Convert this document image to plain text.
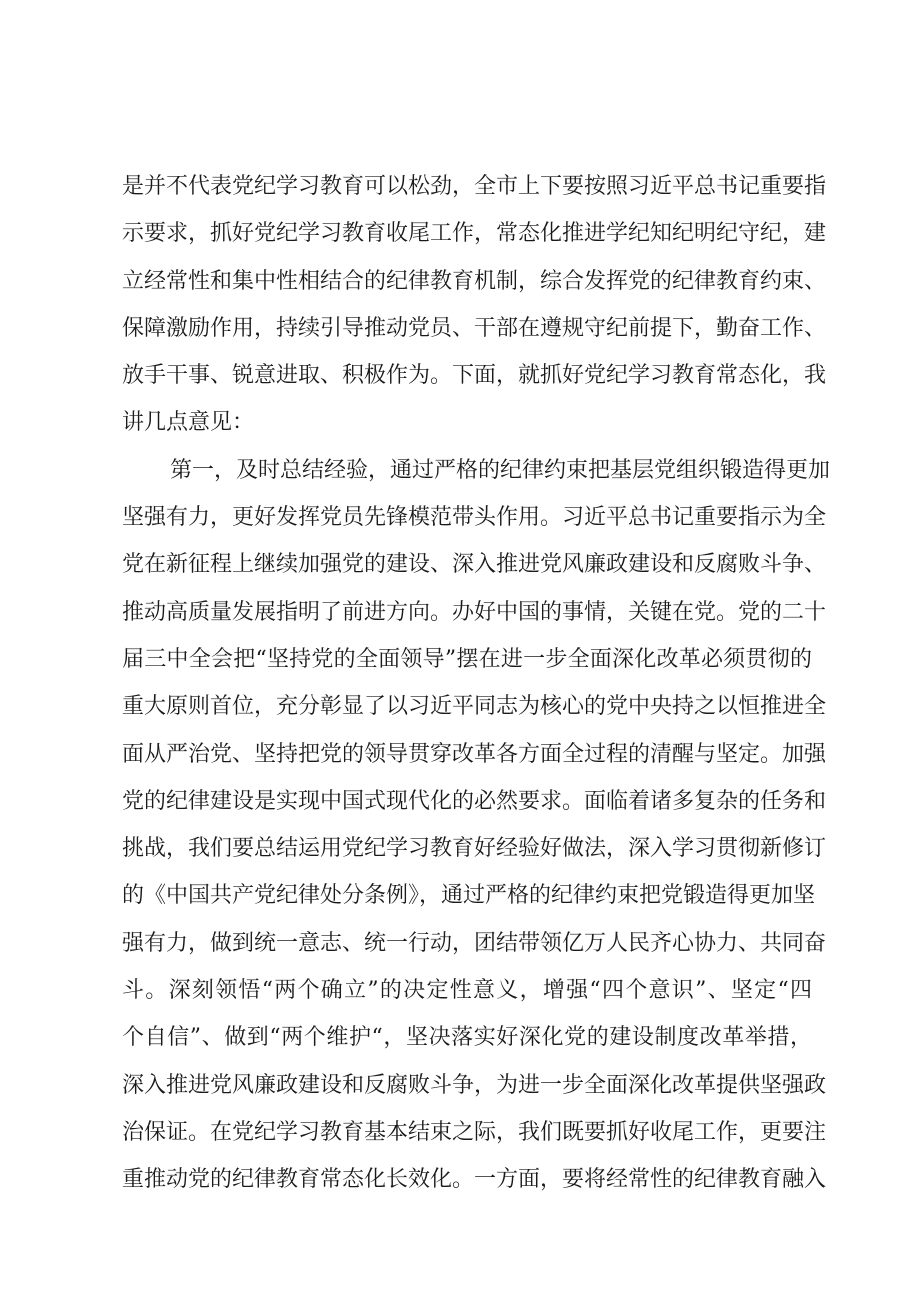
是并不代表党纪学习教育可以松劲，全市上下要按照习近平总书记重要指
示要求，抓好党纪学习教育收尾工作，常态化推进学纪知纪明纪守纪，建
立经常性和集中性相结合的纪律教育机制，综合发挥党的纪律教育约束、
保障激励作用，持续引导推动党员、干部在遵规守纪前提下，勤奋工作、
放手干事、锐意进取、积极作为。下面，就抓好党纪学习教育常态化，我
讲几点意见：
第一，及时总结经验，通过严格的纪律约束把基层党组织锻造得更加
坚强有力，更好发挥党员先锋模范带头作用。习近平总书记重要指示为全
党在新征程上继续加强党的建设、深入推进党风廉政建设和反腐败斗争、
推动高质量发展指明了前进方向。办好中国的事情，关键在党。党的二十
届三中全会把“坚持党的全面领导”摆在进一步全面深化改革必须贯彻的
重大原则首位，充分彰显了以习近平同志为核心的党中央持之以恒推进全
面从严治党、坚持把党的领导贯穿改革各方面全过程的清醒与坚定。加强
党的纪律建设是实现中国式现代化的必然要求。面临着诸多复杂的任务和
挑战，我们要总结运用党纪学习教育好经验好做法，深入学习贯彻新修订
的《中国共产党纪律处分条例》，通过严格的纪律约束把党锻造得更加坚
强有力，做到统一意志、统一行动，团结带领亿万人民齐心协力、共同奋
斗。深刻领悟“两个确立”的决定性意义，增强“四个意识”、坚定“四
个自信”、做到“两个维护“，坚决落实好深化党的建设制度改革举措，
深入推进党风廉政建设和反腐败斗争，为进一步全面深化改革提供坚强政
治保证。在党纪学习教育基本结束之际，我们既要抓好收尾工作，更要注
重推动党的纪律教育常态化长效化。一方面，要将经常性的纪律教育融入
